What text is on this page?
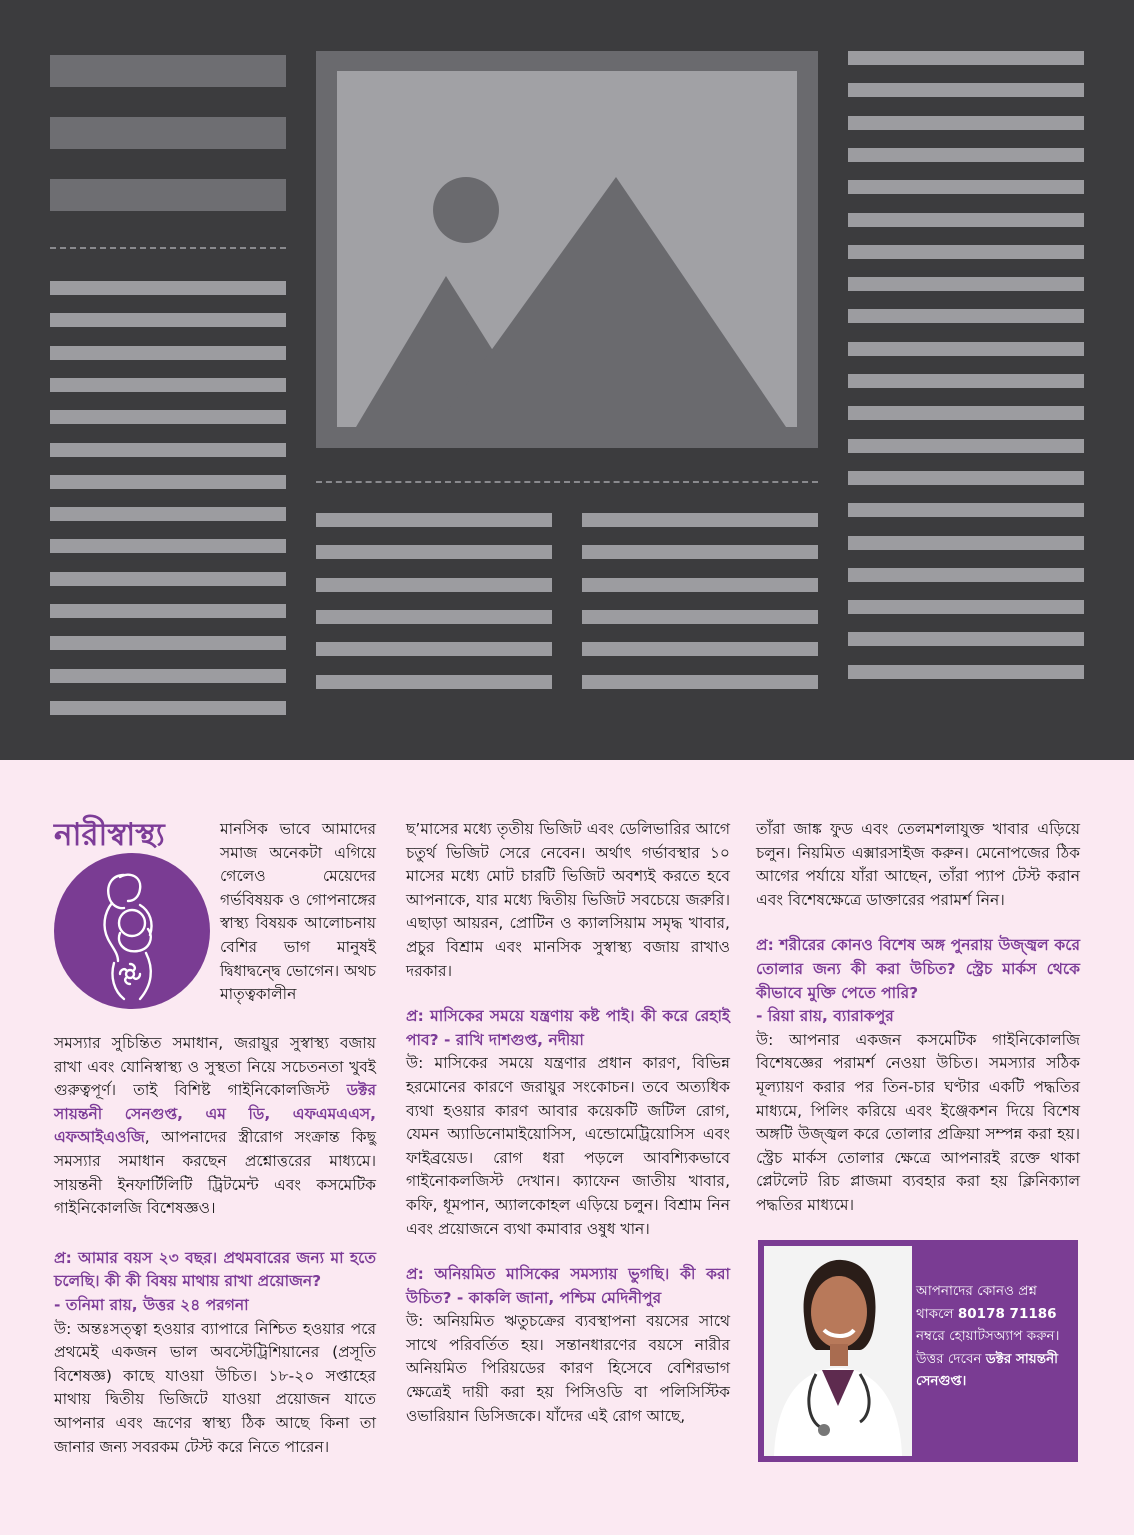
নারীস্বাস্থ্য	মানসিক ভাবে আমাদের সমাজ অনেকটা এগিয়ে গেলেও মেয়েদের গর্ভবিষয়ক ও গোপনাঙ্গের স্বাস্থ্য বিষয়ক আলোচনায় বেশির ভাগ মানুষই দ্বিধাদ্বন্দ্বে ভোগেন। অথচ মাতৃত্বকালীন

সমস্যার সুচিন্তিত সমাধান, জরায়ুর সুস্বাস্থ্য বজায় রাখা এবং যোনিস্বাস্থ্য ও সুস্থতা নিয়ে সচেতনতা খুবই গুরুত্বপূর্ণ। তাই বিশিষ্ট গাইনিকোলজিস্ট ডক্টর সায়ন্তনী সেনগুপ্ত, এম ডি, এফএমএএস, এফআইএওজি, আপনাদের স্ত্রীরোগ সংক্রান্ত কিছু সমস্যার সমাধান করছেন প্রশ্নোত্তরের মাধ্যমে। সায়ন্তনী ইনফার্টিলিটি ট্রিটমেন্ট এবং কসমেটিক গাইনিকোলজি বিশেষজ্ঞও।

প্র: আমার বয়স ২৩ বছর। প্রথমবারের জন্য মা হতে চলেছি। কী কী বিষয় মাথায় রাখা প্রয়োজন?

- তনিমা রায়, উত্তর ২৪ পরগনা

উ: অন্তঃসত্ত্বা হওয়ার ব্যাপারে নিশ্চিত হওয়ার পরে প্রথমেই একজন ভাল অবস্টেট্রিশিয়ানের (প্রসূতি বিশেষজ্ঞ) কাছে যাওয়া উচিত। ১৮-২০ সপ্তাহের মাথায় দ্বিতীয় ভিজিটে যাওয়া প্রয়োজন যাতে আপনার এবং ভ্রূণের স্বাস্থ্য ঠিক আছে কিনা তা জানার জন্য সবরকম টেস্ট করে নিতে পারেন।

ছ’মাসের মধ্যে তৃতীয় ভিজিট এবং ডেলিভারির আগে চতুর্থ ভিজিট সেরে নেবেন। অর্থাৎ গর্ভাবস্থার ১০ মাসের মধ্যে মোট চারটি ভিজিট অবশ্যই করতে হবে আপনাকে, যার মধ্যে দ্বিতীয় ভিজিট সবচেয়ে জরুরি। এছাড়া আয়রন, প্রোটিন ও ক্যালসিয়াম সমৃদ্ধ খাবার, প্রচুর বিশ্রাম এবং মানসিক সুস্বাস্থ্য বজায় রাখাও দরকার।

প্র: মাসিকের সময়ে যন্ত্রণায় কষ্ট পাই। কী করে রেহাই পাব? - রাখি দাশগুপ্ত, নদীয়া

উ: মাসিকের সময়ে যন্ত্রণার প্রধান কারণ, বিভিন্ন হরমোনের কারণে জরায়ুর সংকোচন। তবে অত্যধিক ব্যথা হওয়ার কারণ আবার কয়েকটি জটিল রোগ, যেমন অ্যাডিনোমাইয়োসিস, এন্ডোমেট্রিয়োসিস এবং ফাইব্রয়েড। রোগ ধরা পড়লে আবশ্যিকভাবে গাইনোকলজিস্ট দেখান। ক্যাফেন জাতীয় খাবার, কফি, ধূমপান, অ্যালকোহল এড়িয়ে চলুন। বিশ্রাম নিন এবং প্রয়োজনে ব্যথা কমাবার ওষুধ খান।

প্র: অনিয়মিত মাসিকের সমস্যায় ভুগছি। কী করা উচিত? - কাকলি জানা, পশ্চিম মেদিনীপুর

উ: অনিয়মিত ঋতুচক্রের ব্যবস্থাপনা বয়সের সাথে সাথে পরিবর্তিত হয়। সন্তানধারণের বয়সে নারীর অনিয়মিত পিরিয়ডের কারণ হিসেবে বেশিরভাগ ক্ষেত্রেই দায়ী করা হয় পিসিওডি বা পলিসিস্টিক ওভারিয়ান ডিসিজকে। যাঁদের এই রোগ আছে,

তাঁরা জাঙ্ক ফুড এবং তেলমশলাযুক্ত খাবার এড়িয়ে চলুন। নিয়মিত এক্সারসাইজ করুন। মেনোপজের ঠিক আগের পর্যায়ে যাঁরা আছেন, তাঁরা প্যাপ টেস্ট করান এবং বিশেষক্ষেত্রে ডাক্তারের পরামর্শ নিন।

প্র: শরীরের কোনও বিশেষ অঙ্গ পুনরায় উজ্জ্বল করে তোলার জন্য কী করা উচিত? স্ট্রেচ মার্কস থেকে কীভাবে মুক্তি পেতে পারি?

- রিয়া রায়, ব্যারাকপুর

উ: আপনার একজন কসমেটিক গাইনিকোলজি বিশেষজ্ঞের পরামর্শ নেওয়া উচিত। সমস্যার সঠিক মূল্যায়ণ করার পর তিন-চার ঘণ্টার একটি পদ্ধতির মাধ্যমে, পিলিং করিয়ে এবং ইঞ্জেকশন দিয়ে বিশেষ অঙ্গটি উজ্জ্বল করে তোলার প্রক্রিয়া সম্পন্ন করা হয়। স্ট্রেচ মার্কস তোলার ক্ষেত্রে আপনারই রক্তে থাকা প্লেটলেট রিচ প্লাজমা ব্যবহার করা হয় ক্লিনিক্যাল পদ্ধতির মাধ্যমে।

আপনাদের কোনও প্রশ্ন থাকলে 80178 71186 নম্বরে হোয়াটসঅ্যাপ করুন। উত্তর দেবেন ডক্টর সায়ন্তনী সেনগুপ্ত।
